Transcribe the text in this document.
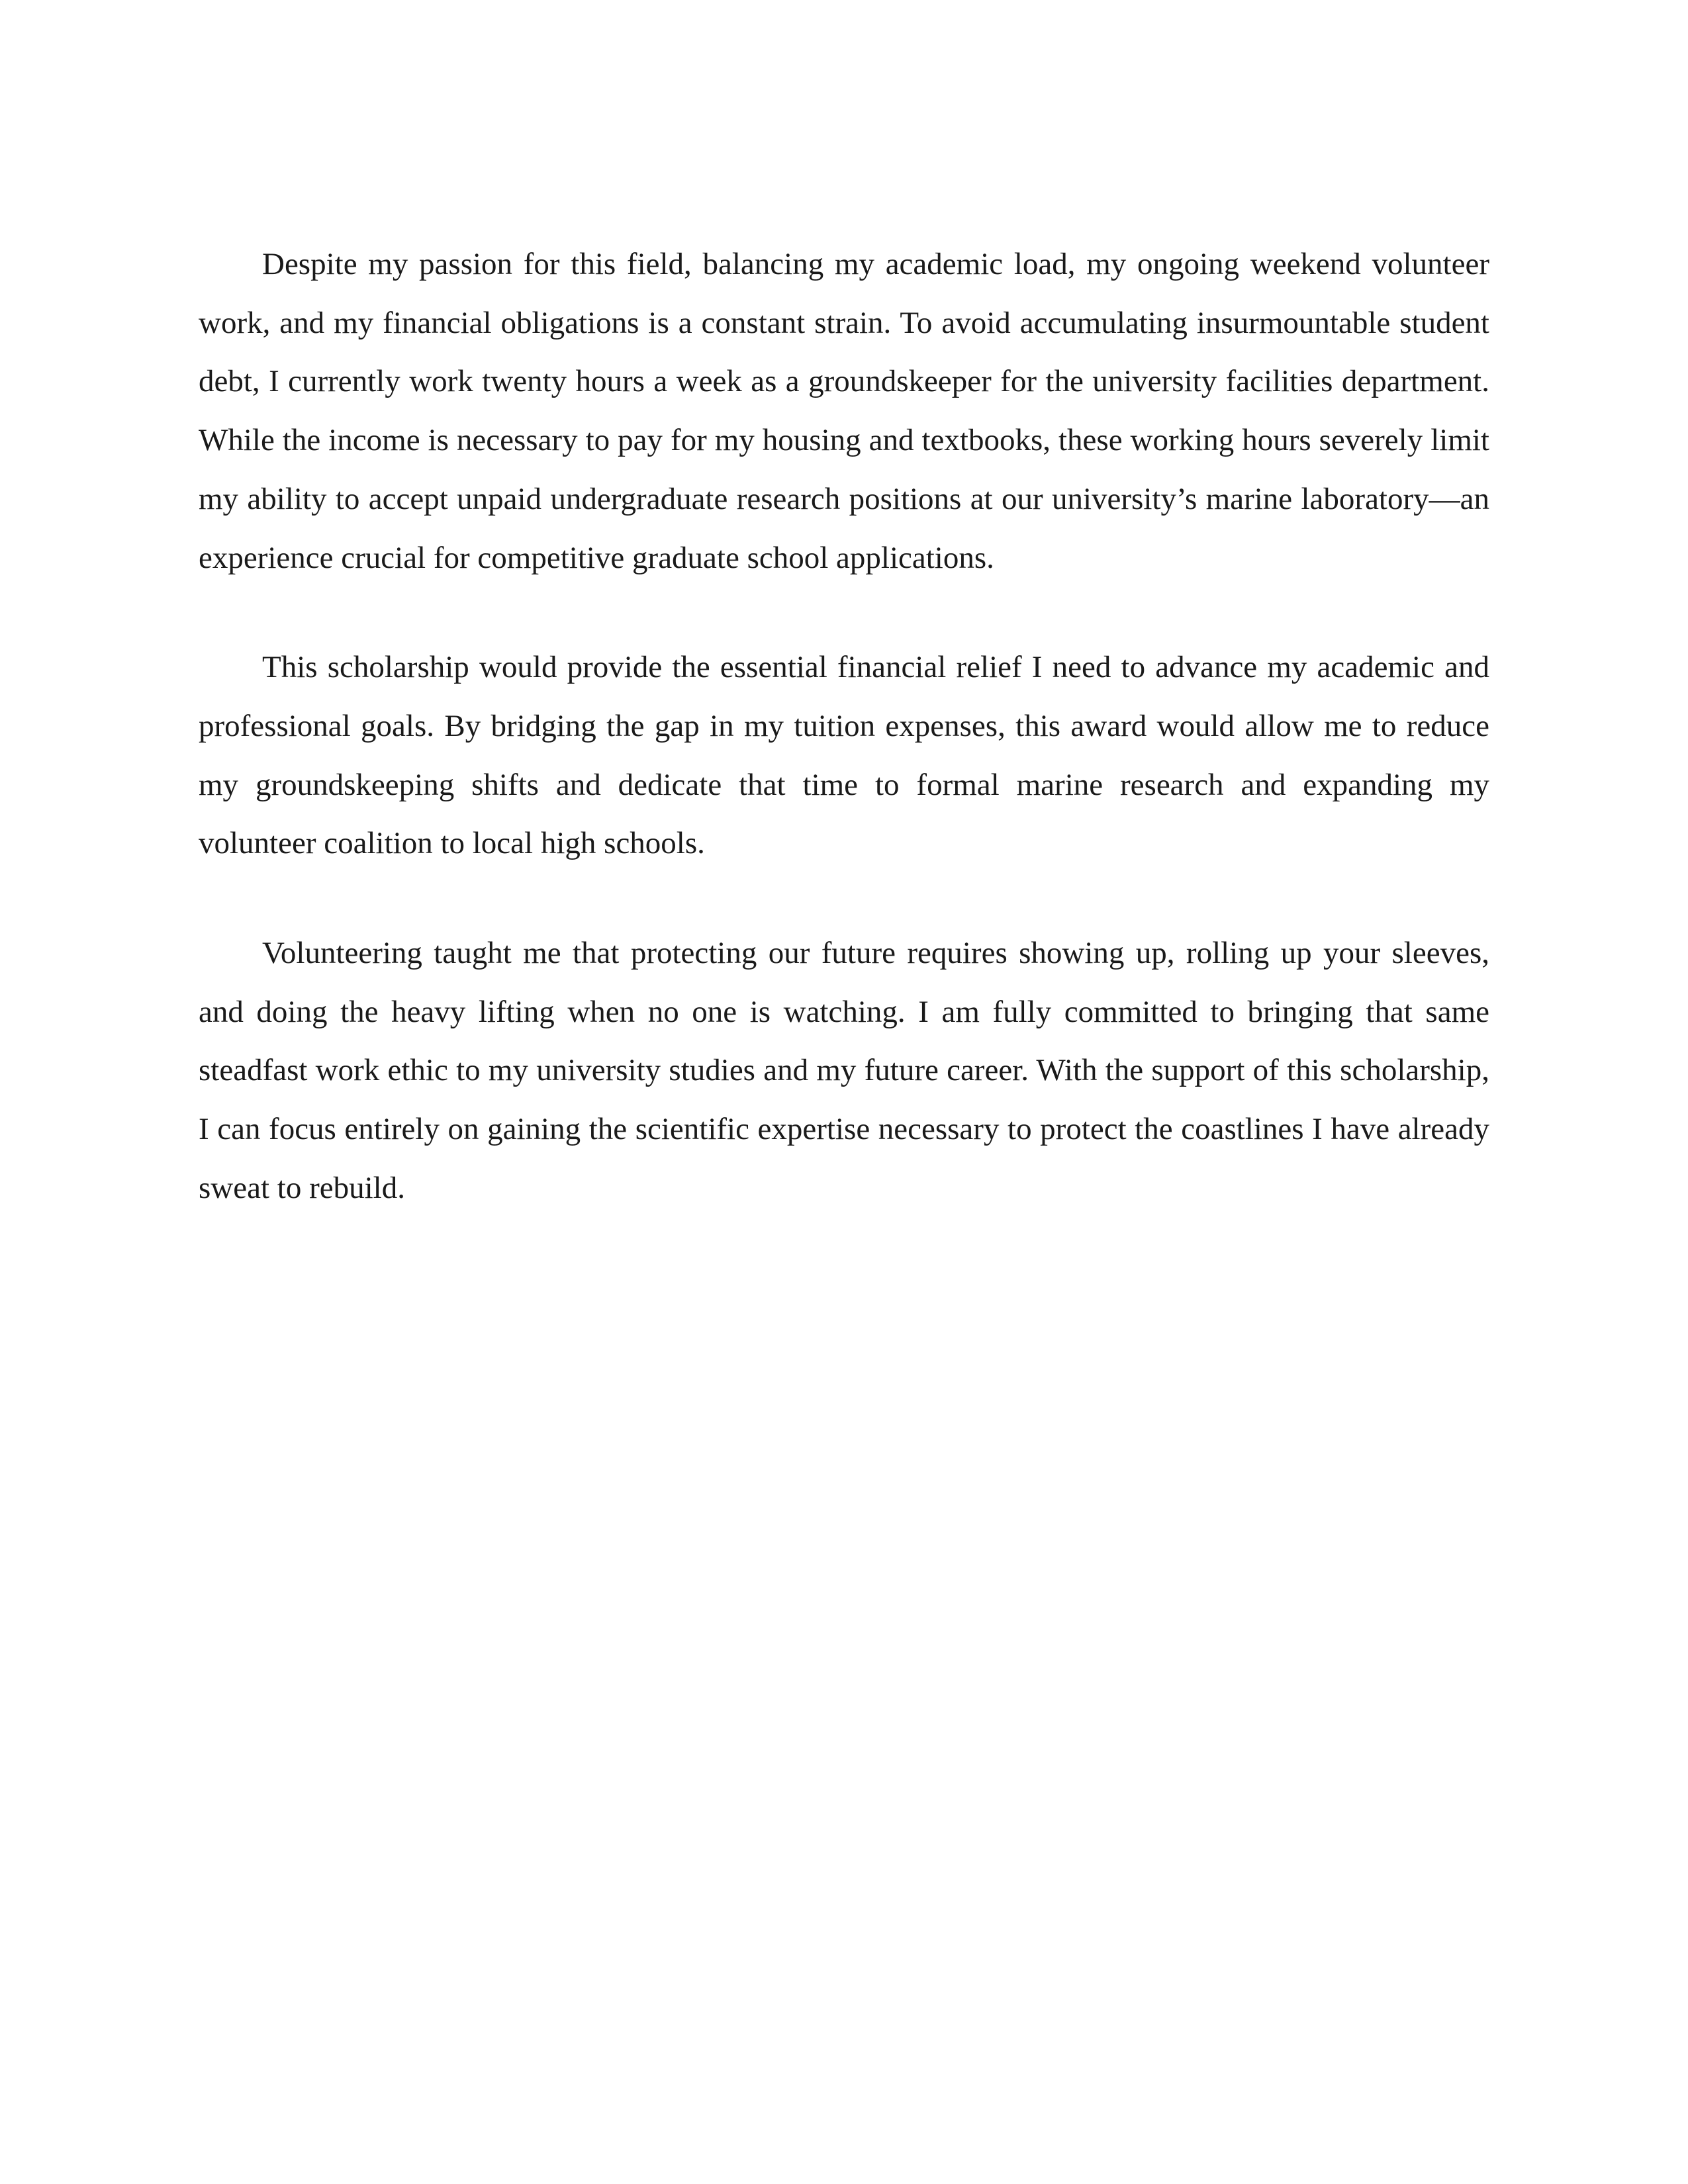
Despite my passion for this field, balancing my academic load, my ongoing weekend volunteer work, and my financial obligations is a constant strain. To avoid accumulating insurmountable student debt, I currently work twenty hours a week as a groundskeeper for the university facilities department. While the income is necessary to pay for my housing and textbooks, these working hours severely limit my ability to accept unpaid undergraduate research positions at our university’s marine laboratory—an experience crucial for competitive graduate school applications.

This scholarship would provide the essential financial relief I need to advance my academic and professional goals. By bridging the gap in my tuition expenses, this award would allow me to reduce my groundskeeping shifts and dedicate that time to formal marine research and expanding my volunteer coalition to local high schools.

Volunteering taught me that protecting our future requires showing up, rolling up your sleeves, and doing the heavy lifting when no one is watching. I am fully committed to bringing that same steadfast work ethic to my university studies and my future career. With the support of this scholarship, I can focus entirely on gaining the scientific expertise necessary to protect the coastlines I have already sweat to rebuild.
